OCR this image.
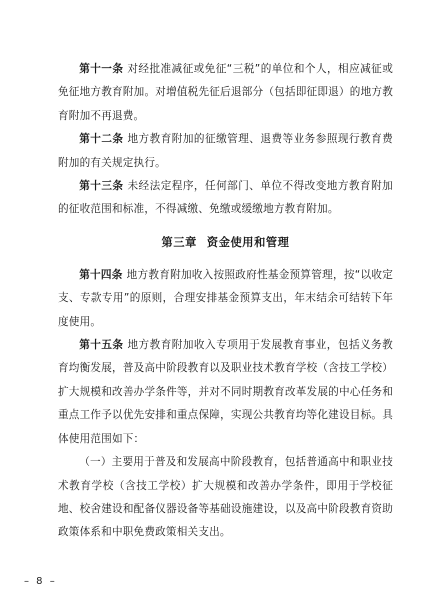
第十一条 对经批准减征或免征“三税”的单位和个人，相应减征或免征地方教育附加。对增值税先征后退部分（包括即征即退）的地方教育附加不再退费。

第十二条 地方教育附加的征缴管理、退费等业务参照现行教育费附加的有关规定执行。

第十三条 未经法定程序，任何部门、单位不得改变地方教育附加的征收范围和标准，不得减缴、免缴或缓缴地方教育附加。

第三章 资金使用和管理

第十四条 地方教育附加收入按照政府性基金预算管理，按“以收定支、专款专用”的原则，合理安排基金预算支出，年末结余可结转下年度使用。

第十五条 地方教育附加收入专项用于发展教育事业，包括义务教育均衡发展，普及高中阶段教育以及职业技术教育学校（含技工学校）扩大规模和改善办学条件等，并对不同时期教育改革发展的中心任务和重点工作予以优先安排和重点保障，实现公共教育均等化建设目标。具体使用范围如下：

（一）主要用于普及和发展高中阶段教育，包括普通高中和职业技术教育学校（含技工学校）扩大规模和改善办学条件，即用于学校征地、校舍建设和配备仪器设备等基础设施建设，以及高中阶段教育资助政策体系和中职免费政策相关支出。

– 8 –
